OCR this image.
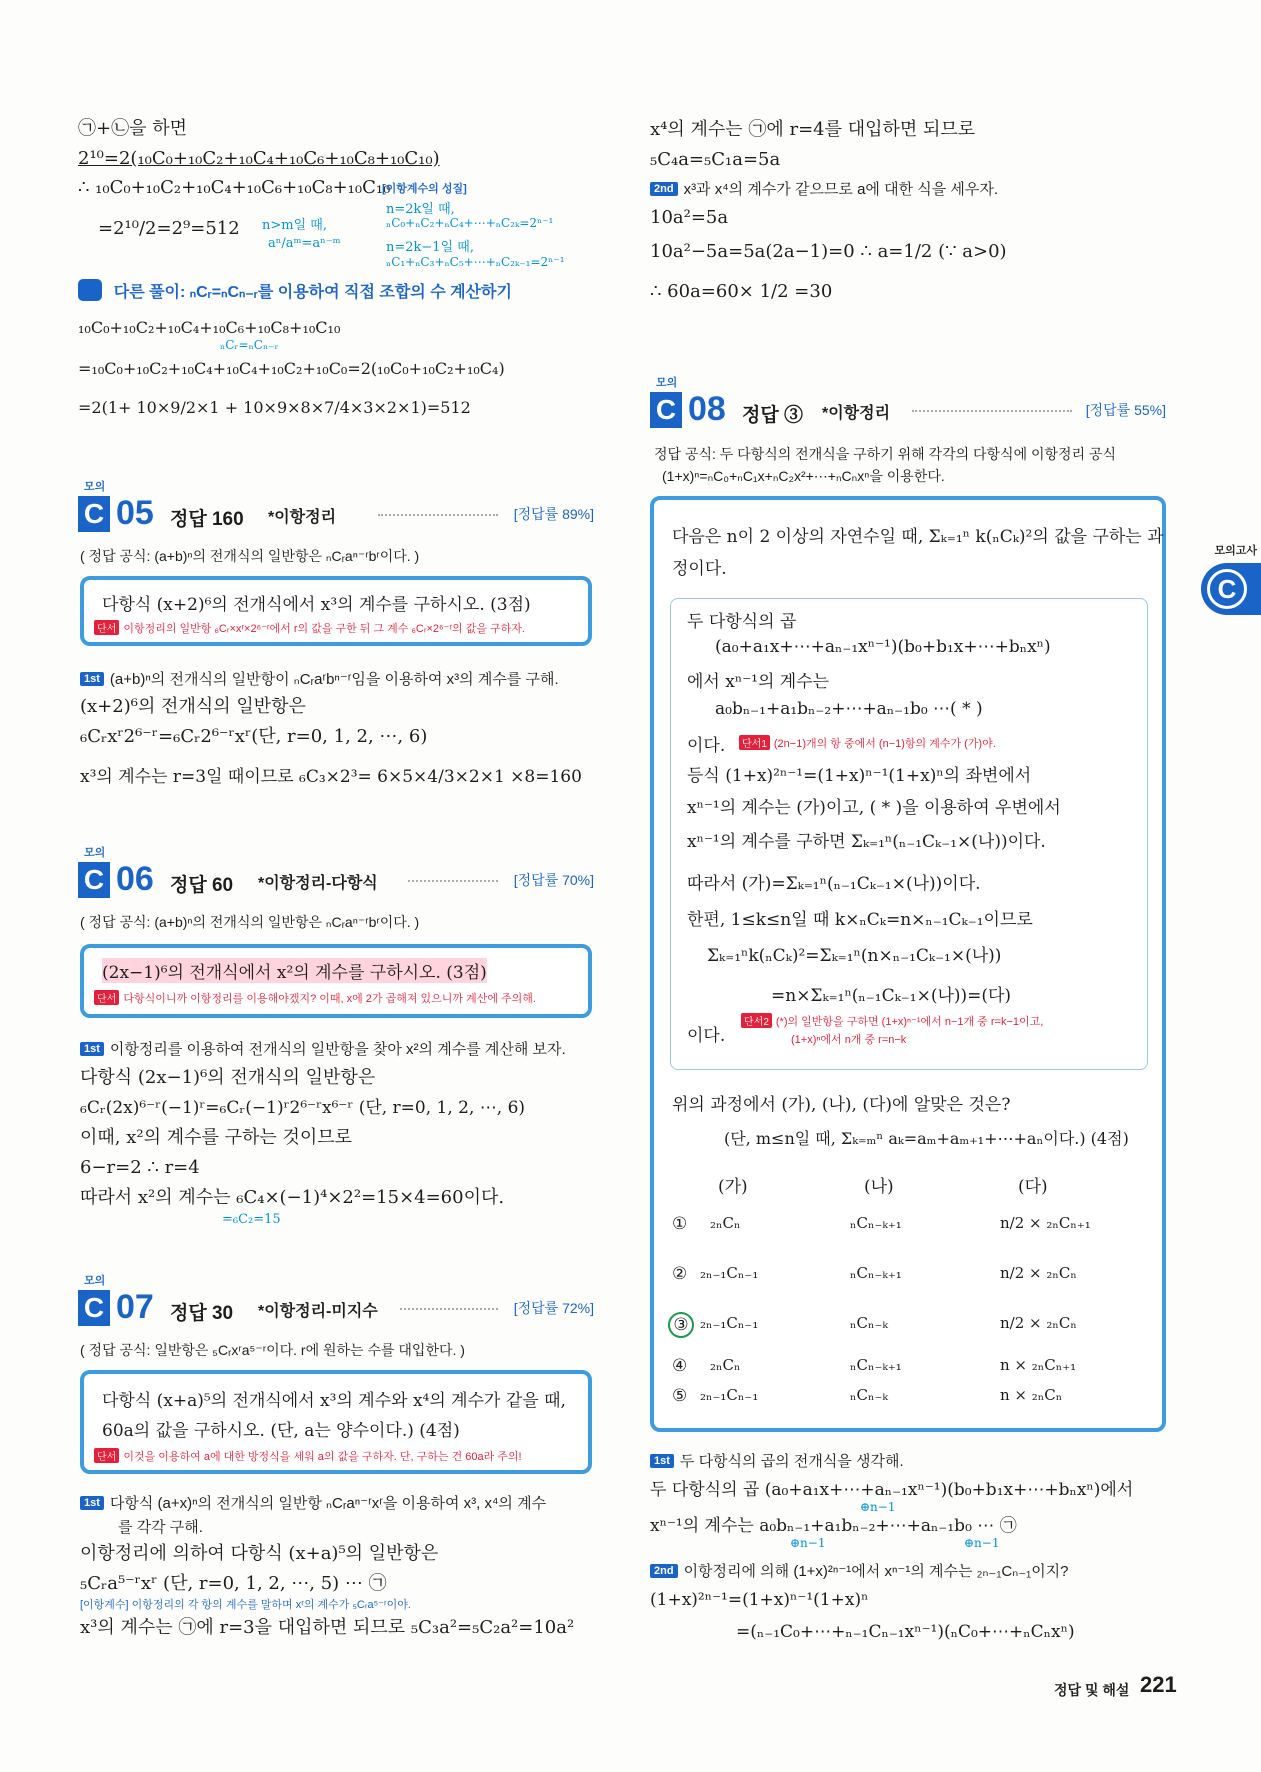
㉠+㉡을 하면
2¹⁰=2(₁₀C₀+₁₀C₂+₁₀C₄+₁₀C₆+₁₀C₈+₁₀C₁₀)
∴ ₁₀C₀+₁₀C₂+₁₀C₄+₁₀C₆+₁₀C₈+₁₀C₁₀
=2¹⁰/2=2⁹=512
[이항계수의 성질]
n>m일 때,
aⁿ/aᵐ=aⁿ⁻ᵐ
n=2k일 때,
ₙC₀+ₙC₂+ₙC₄+⋯+ₙC₂ₖ=2ⁿ⁻¹
n=2k−1일 때,
ₙC₁+ₙC₃+ₙC₅+⋯+ₙC₂ₖ₋₁=2ⁿ⁻¹
다른 풀이: ₙCᵣ=ₙCₙ₋ᵣ를 이용하여 직접 조합의 수 계산하기
₁₀C₀+₁₀C₂+₁₀C₄+₁₀C₆+₁₀C₈+₁₀C₁₀
ₙCᵣ=ₙCₙ₋ᵣ
=₁₀C₀+₁₀C₂+₁₀C₄+₁₀C₄+₁₀C₂+₁₀C₀=2(₁₀C₀+₁₀C₂+₁₀C₄)
=2(1+ 10×9/2×1 + 10×9×8×7/4×3×2×1)=512
모의
C 05 정답 160 *이항정리	[정답률 89%]
( 정답 공식: (a+b)ⁿ의 전개식의 일반항은 ₙCᵣaⁿ⁻ʳbʳ이다. )
다항식 (x+2)⁶의 전개식에서 x³의 계수를 구하시오. (3점)
단서 이항정리의 일반항 ₆Cᵣ×xʳ×2⁶⁻ʳ에서 r의 값을 구한 뒤 그 계수 ₆Cᵣ×2⁶⁻ʳ의 값을 구하자.
1st (a+b)ⁿ의 전개식의 일반항이 ₙCᵣaʳbⁿ⁻ʳ임을 이용하여 x³의 계수를 구해.
(x+2)⁶의 전개식의 일반항은
₆Cᵣxʳ2⁶⁻ʳ=₆Cᵣ2⁶⁻ʳxʳ(단, r=0, 1, 2, ⋯, 6)
x³의 계수는 r=3일 때이므로 ₆C₃×2³= 6×5×4/3×2×1 ×8=160
모의
C 06 정답 60 *이항정리-다항식	[정답률 70%]
( 정답 공식: (a+b)ⁿ의 전개식의 일반항은 ₙCᵣaⁿ⁻ʳbʳ이다. )
(2x−1)⁶의 전개식에서 x²의 계수를 구하시오. (3점)
단서 다항식이니까 이항정리를 이용해야겠지? 이때, x에 2가 곱해져 있으니까 계산에 주의해.
1st 이항정리를 이용하여 전개식의 일반항을 찾아 x²의 계수를 계산해 보자.
다항식 (2x−1)⁶의 전개식의 일반항은
₆Cᵣ(2x)⁶⁻ʳ(−1)ʳ=₆Cᵣ(−1)ʳ2⁶⁻ʳx⁶⁻ʳ (단, r=0, 1, 2, ⋯, 6)
이때, x²의 계수를 구하는 것이므로
6−r=2 ∴ r=4
따라서 x²의 계수는 ₆C₄×(−1)⁴×2²=15×4=60이다.
=₆C₂=15
모의
C 07 정답 30 *이항정리-미지수	[정답률 72%]
( 정답 공식: 일반항은 ₅Cᵣxʳa⁵⁻ʳ이다. r에 원하는 수를 대입한다. )
다항식 (x+a)⁵의 전개식에서 x³의 계수와 x⁴의 계수가 같을 때,
60a의 값을 구하시오. (단, a는 양수이다.) (4점)
단서 이것을 이용하여 a에 대한 방정식을 세워 a의 값을 구하자. 단, 구하는 건 60a라 주의!
1st 다항식 (a+x)ⁿ의 전개식의 일반항 ₙCᵣaⁿ⁻ʳxʳ을 이용하여 x³, x⁴의 계수
를 각각 구해.
이항정리에 의하여 다항식 (x+a)⁵의 일반항은
₅Cᵣa⁵⁻ʳxʳ (단, r=0, 1, 2, ⋯, 5) ⋯ ㉠
[이항계수] 이항정리의 각 항의 계수를 말하며 xʳ의 계수가 ₅Cᵣa⁵⁻ʳ이야.
x³의 계수는 ㉠에 r=3을 대입하면 되므로 ₅C₃a²=₅C₂a²=10a²
x⁴의 계수는 ㉠에 r=4를 대입하면 되므로
₅C₄a=₅C₁a=5a
2nd x³과 x⁴의 계수가 같으므로 a에 대한 식을 세우자.
10a²=5a
10a²−5a=5a(2a−1)=0 ∴ a=1/2 (∵ a>0)
∴ 60a=60× 1/2 =30
모의
C 08 정답 ③ *이항정리	[정답률 55%]
정답 공식: 두 다항식의 전개식을 구하기 위해 각각의 다항식에 이항정리 공식
(1+x)ⁿ=ₙC₀+ₙC₁x+ₙC₂x²+⋯+ₙCₙxⁿ을 이용한다.
다음은 n이 2 이상의 자연수일 때, Σₖ₌₁ⁿ k(ₙCₖ)²의 값을 구하는 과
정이다.
두 다항식의 곱
(a₀+a₁x+⋯+aₙ₋₁xⁿ⁻¹)(b₀+b₁x+⋯+bₙxⁿ)
에서 xⁿ⁻¹의 계수는
a₀bₙ₋₁+a₁bₙ₋₂+⋯+aₙ₋₁b₀ ⋯( * )
이다.	단서1 (2n−1)개의 항 중에서 (n−1)항의 계수가 (가)야.
등식 (1+x)²ⁿ⁻¹=(1+x)ⁿ⁻¹(1+x)ⁿ의 좌변에서
xⁿ⁻¹의 계수는 (가)이고, ( * )을 이용하여 우변에서
xⁿ⁻¹의 계수를 구하면 Σₖ₌₁ⁿ(ₙ₋₁Cₖ₋₁×(나))이다.
따라서 (가)=Σₖ₌₁ⁿ(ₙ₋₁Cₖ₋₁×(나))이다.
한편, 1≤k≤n일 때 k×ₙCₖ=n×ₙ₋₁Cₖ₋₁이므로
Σₖ₌₁ⁿk(ₙCₖ)²=Σₖ₌₁ⁿ(n×ₙ₋₁Cₖ₋₁×(나))
=n×Σₖ₌₁ⁿ(ₙ₋₁Cₖ₋₁×(나))=(다)
이다.
단서2 (*)의 일반항을 구하면 (1+x)ⁿ⁻¹에서 n−1개 중 r=k−1이고,
(1+x)ⁿ에서 n개 중 r=n−k
위의 과정에서 (가), (나), (다)에 알맞은 것은?
(단, m≤n일 때, Σₖ₌ₘⁿ aₖ=aₘ+aₘ₊₁+⋯+aₙ이다.) (4점)
(가)	(나)	(다)
① ₂ₙCₙ	ₙCₙ₋ₖ₊₁	n/2 × ₂ₙCₙ₊₁
② ₂ₙ₋₁Cₙ₋₁	ₙCₙ₋ₖ₊₁	n/2 × ₂ₙCₙ
③ ₂ₙ₋₁Cₙ₋₁	ₙCₙ₋ₖ	n/2 × ₂ₙCₙ
④ ₂ₙCₙ	ₙCₙ₋ₖ₊₁	n × ₂ₙCₙ₊₁
⑤ ₂ₙ₋₁Cₙ₋₁	ₙCₙ₋ₖ	n × ₂ₙCₙ
1st 두 다항식의 곱의 전개식을 생각해.
두 다항식의 곱 (a₀+a₁x+⋯+aₙ₋₁xⁿ⁻¹)(b₀+b₁x+⋯+bₙxⁿ)에서
xⁿ⁻¹의 계수는 a₀bₙ₋₁+a₁bₙ₋₂+⋯+aₙ₋₁b₀ ⋯ ㉠
⊕n−1
⊕n−1	⊕n−1
2nd 이항정리에 의해 (1+x)²ⁿ⁻¹에서 xⁿ⁻¹의 계수는 ₂ₙ₋₁Cₙ₋₁이지?
(1+x)²ⁿ⁻¹=(1+x)ⁿ⁻¹(1+x)ⁿ
=(ₙ₋₁C₀+⋯+ₙ₋₁Cₙ₋₁xⁿ⁻¹)(ₙC₀+⋯+ₙCₙxⁿ)
모의고사
C
정답 및 해설 221
